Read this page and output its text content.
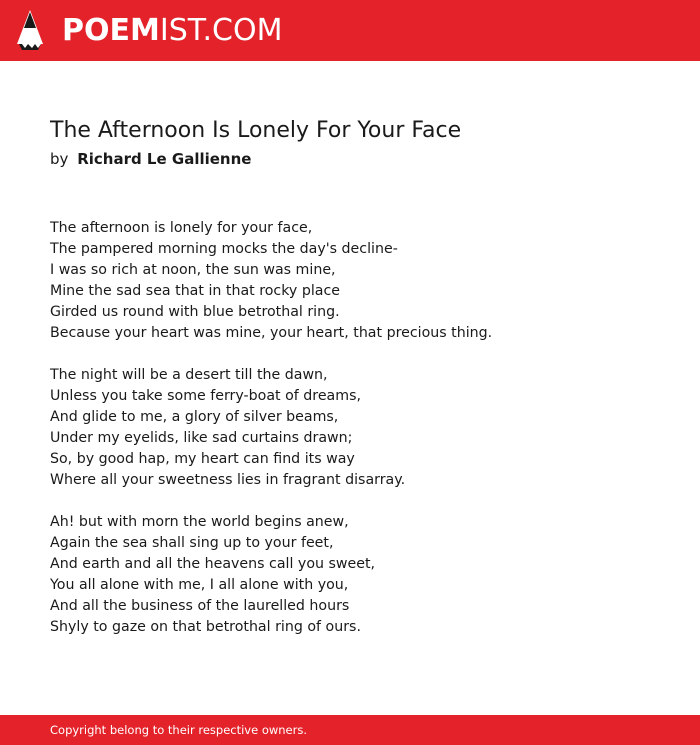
POEMIST.COM
The Afternoon Is Lonely For Your Face
by Richard Le Gallienne
The afternoon is lonely for your face,
The pampered morning mocks the day's decline-
I was so rich at noon, the sun was mine,
Mine the sad sea that in that rocky place
Girded us round with blue betrothal ring.
Because your heart was mine, your heart, that precious thing.
The night will be a desert till the dawn,
Unless you take some ferry-boat of dreams,
And glide to me, a glory of silver beams,
Under my eyelids, like sad curtains drawn;
So, by good hap, my heart can find its way
Where all your sweetness lies in fragrant disarray.
Ah! but with morn the world begins anew,
Again the sea shall sing up to your feet,
And earth and all the heavens call you sweet,
You all alone with me, I all alone with you,
And all the business of the laurelled hours
Shyly to gaze on that betrothal ring of ours.
Copyright belong to their respective owners.
